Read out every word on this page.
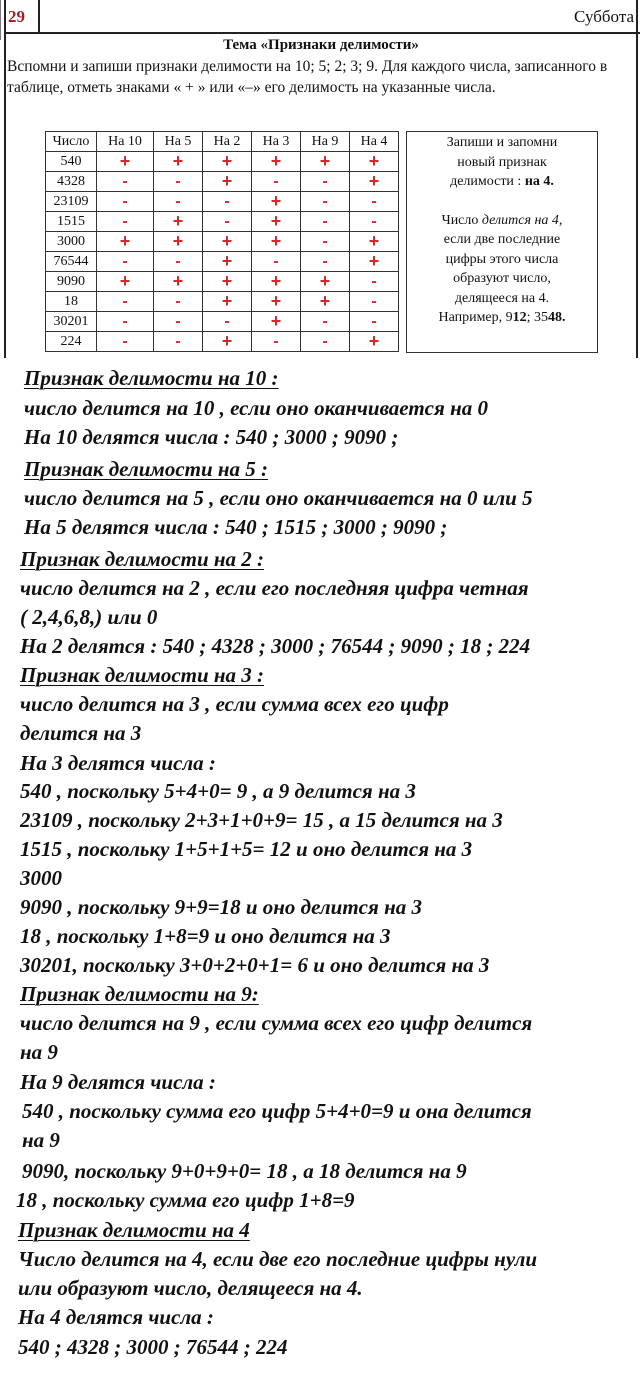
29	Суббота
Тема «Признаки делимости»
Вспомни и запиши признаки делимости на 10; 5; 2; 3; 9. Для каждого числа, записанного в таблице, отметь знаками « + » или «–» его делимость на указанные числа.
Число	На 10	На 5	На 2	На 3	На 9	На 4
540	+	+	+	+	+	+
4328	-	-	+	-	-	+
23109	-	-	-	+	-	-
1515	-	+	-	+	-	-
3000	+	+	+	+	-	+
76544	-	-	+	-	-	+
9090	+	+	+	+	+	-
18	-	-	+	+	+	-
30201	-	-	-	+	-	-
224	-	-	+	-	-	+
Запиши и запомни
новый признак
делимости : на 4.
Число делится на 4,
если две последние
цифры этого числа
образуют число,
делящееся на 4.
Например, 912; 3548.
Признак делимости на 10 :
число делится на 10 , если оно оканчивается на 0
На 10 делятся числа : 540 ; 3000 ; 9090 ;
Признак делимости на 5 :
число делится на 5 , если оно оканчивается на 0 или 5
На 5 делятся числа : 540 ; 1515 ; 3000 ; 9090 ;
Признак делимости на 2 :
число делится на 2 , если его последняя цифра четная
( 2,4,6,8,) или 0
На 2 делятся : 540 ; 4328 ; 3000 ; 76544 ; 9090 ; 18 ; 224
Признак делимости на 3 :
число делится на 3 , если сумма всех его цифр
делится на 3
На 3 делятся числа :
540 , поскольку 5+4+0= 9 , а 9 делится на 3
23109 , поскольку 2+3+1+0+9= 15 , а 15 делится на 3
1515 , поскольку 1+5+1+5= 12 и оно делится на 3
3000
9090 , поскольку 9+9=18 и оно делится на 3
18 , поскольку 1+8=9 и оно делится на 3
30201, поскольку 3+0+2+0+1= 6 и оно делится на 3
Признак делимости на 9:
число делится на 9 , если сумма всех его цифр делится
на 9
На 9 делятся числа :
540 , поскольку сумма его цифр 5+4+0=9 и она делится
на 9
9090, поскольку 9+0+9+0= 18 , а 18 делится на 9
18 , поскольку сумма его цифр 1+8=9
Признак делимости на 4
Число делится на 4, если две его последние цифры нули
или образуют число, делящееся на 4.
На 4 делятся числа :
540 ; 4328 ; 3000 ; 76544 ; 224
